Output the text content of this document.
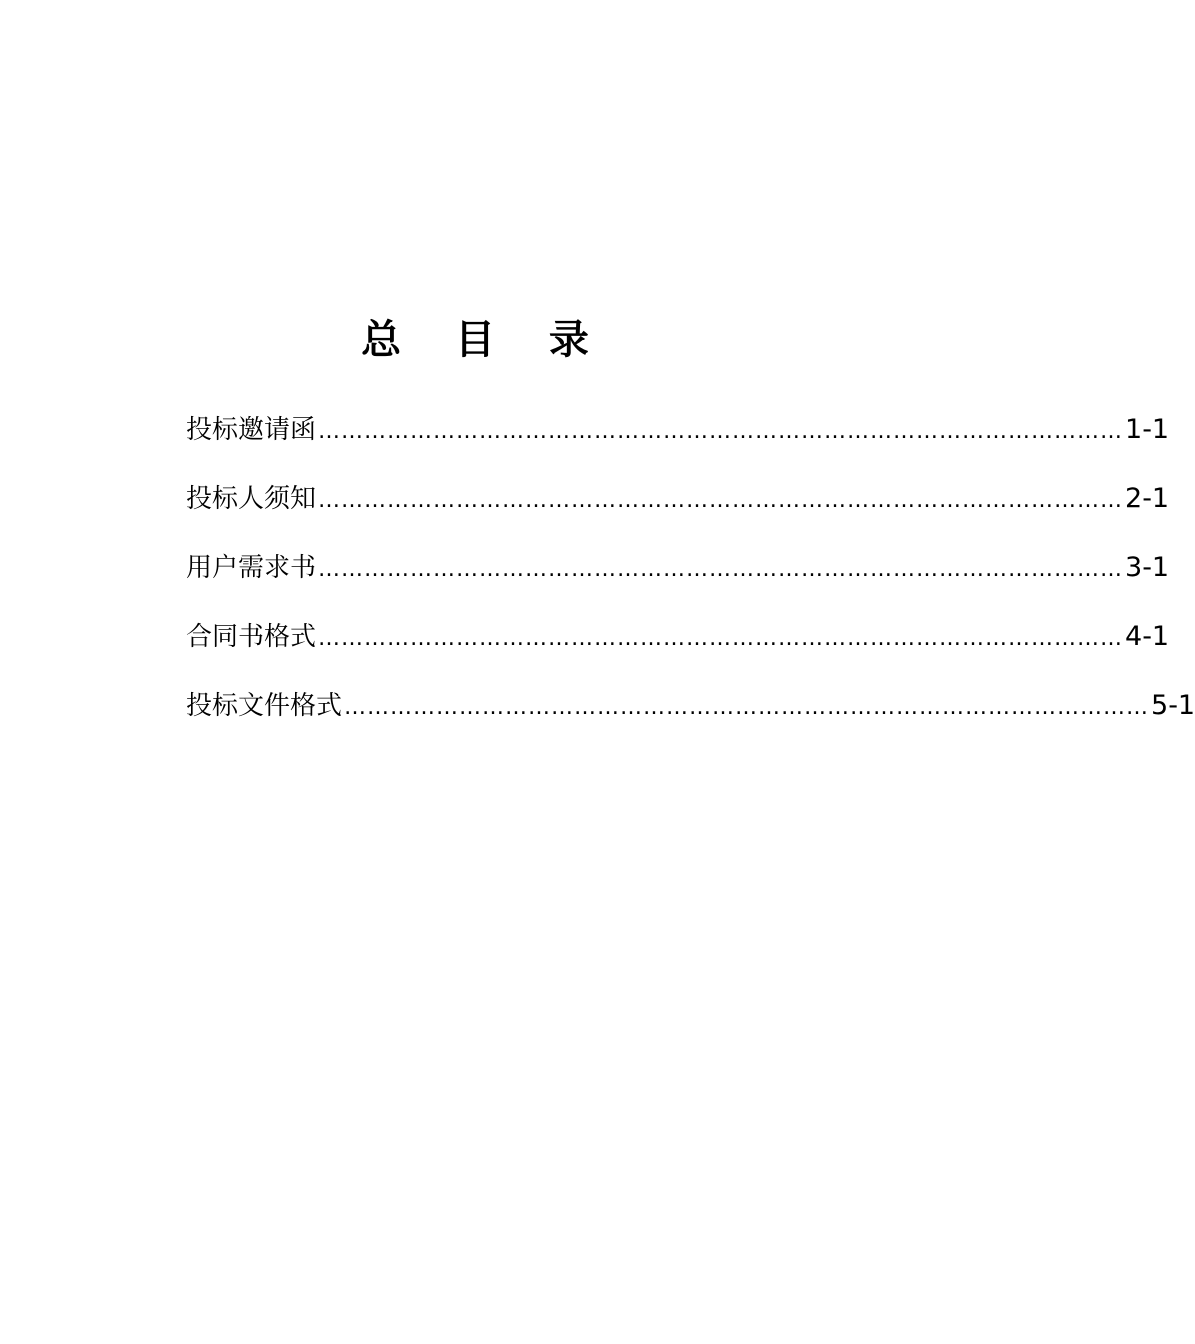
总 目 录
投标邀请函 …………………………………………………………………………………………… 1-1
投标人须知 …………………………………………………………………………………………… 2-1
用户需求书 …………………………………………………………………………………………… 3-1
合同书格式 …………………………………………………………………………………………… 4-1
投标文件格式 …………………………………………………………………………………………… 5-1
